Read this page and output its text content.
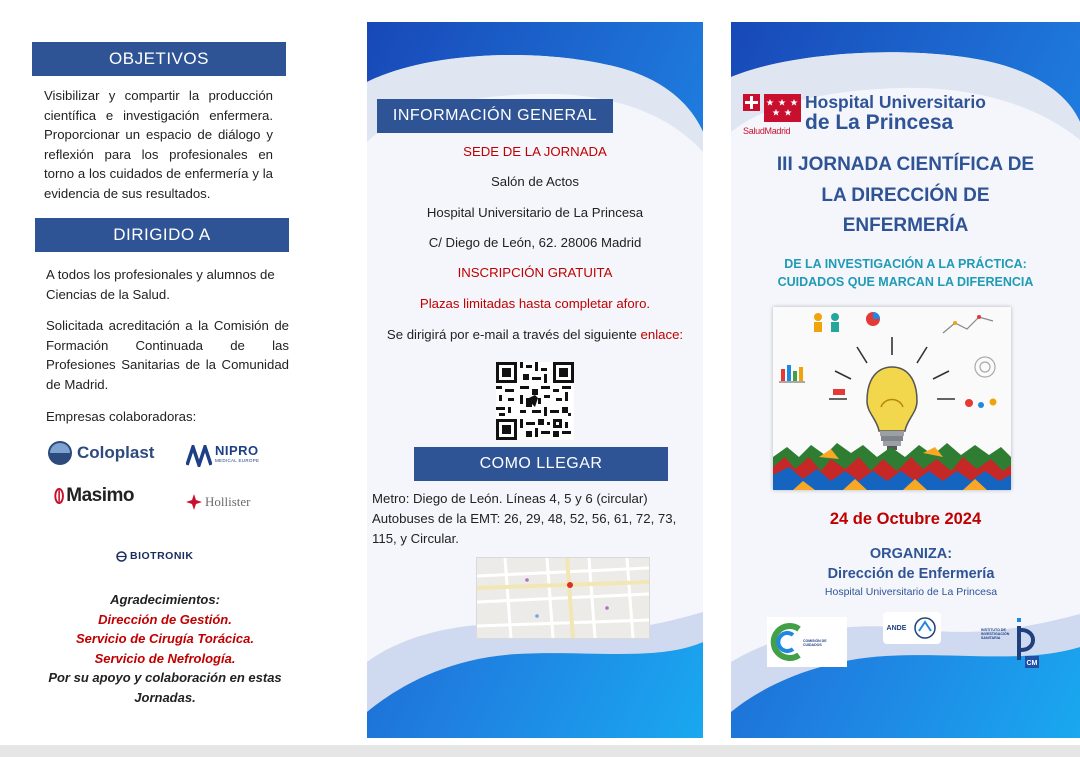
OBJETIVOS
Visibilizar y compartir la producción científica e investigación enfermera. Proporcionar un espacio de diálogo y reflexión para los profesionales en torno a los cuidados de enfermería y la evidencia de sus resultados.
DIRIGIDO A
A todos los profesionales y alumnos de Ciencias de la Salud.
Solicitada acreditación a la Comisión de Formación Continuada de las Profesiones Sanitarias de la Comunidad de Madrid.
Empresas colaboradoras:
Coloplast	NIPRO
MEDICAL EUROPE
Masimo	Hollister
BIOTRONIK
Agradecimientos:
Dirección de Gestión.
Servicio de Cirugía Torácica.
Servicio de Nefrología.
Por su apoyo y colaboración en estas Jornadas.
INFORMACIÓN GENERAL
SEDE DE LA JORNADA
Salón de Actos
Hospital Universitario de La Princesa
C/ Diego de León, 62. 28006 Madrid
INSCRIPCIÓN GRATUITA
Plazas limitadas hasta completar aforo.
Se dirigirá por e-mail a través del siguiente enlace:
COMO LLEGAR
Metro: Diego de León. Líneas 4, 5 y 6 (circular)
Autobuses de la EMT: 26, 29, 48, 52, 56, 61, 72, 73, 115, y Circular.
SaludMadrid
Hospital Universitario
de La Princesa
III JORNADA CIENTÍFICA DE
LA DIRECCIÓN DE
ENFERMERÍA
DE LA INVESTIGACIÓN A LA PRÁCTICA:
CUIDADOS QUE MARCAN LA DIFERENCIA
24 de Octubre 2024
ORGANIZA:
Dirección de Enfermería
Hospital Universitario de La Princesa
COMISIÓN DE CUIDADOS
ANDE	INSTITUTO DE INVESTIGACIÓN SANITARIA
CM
